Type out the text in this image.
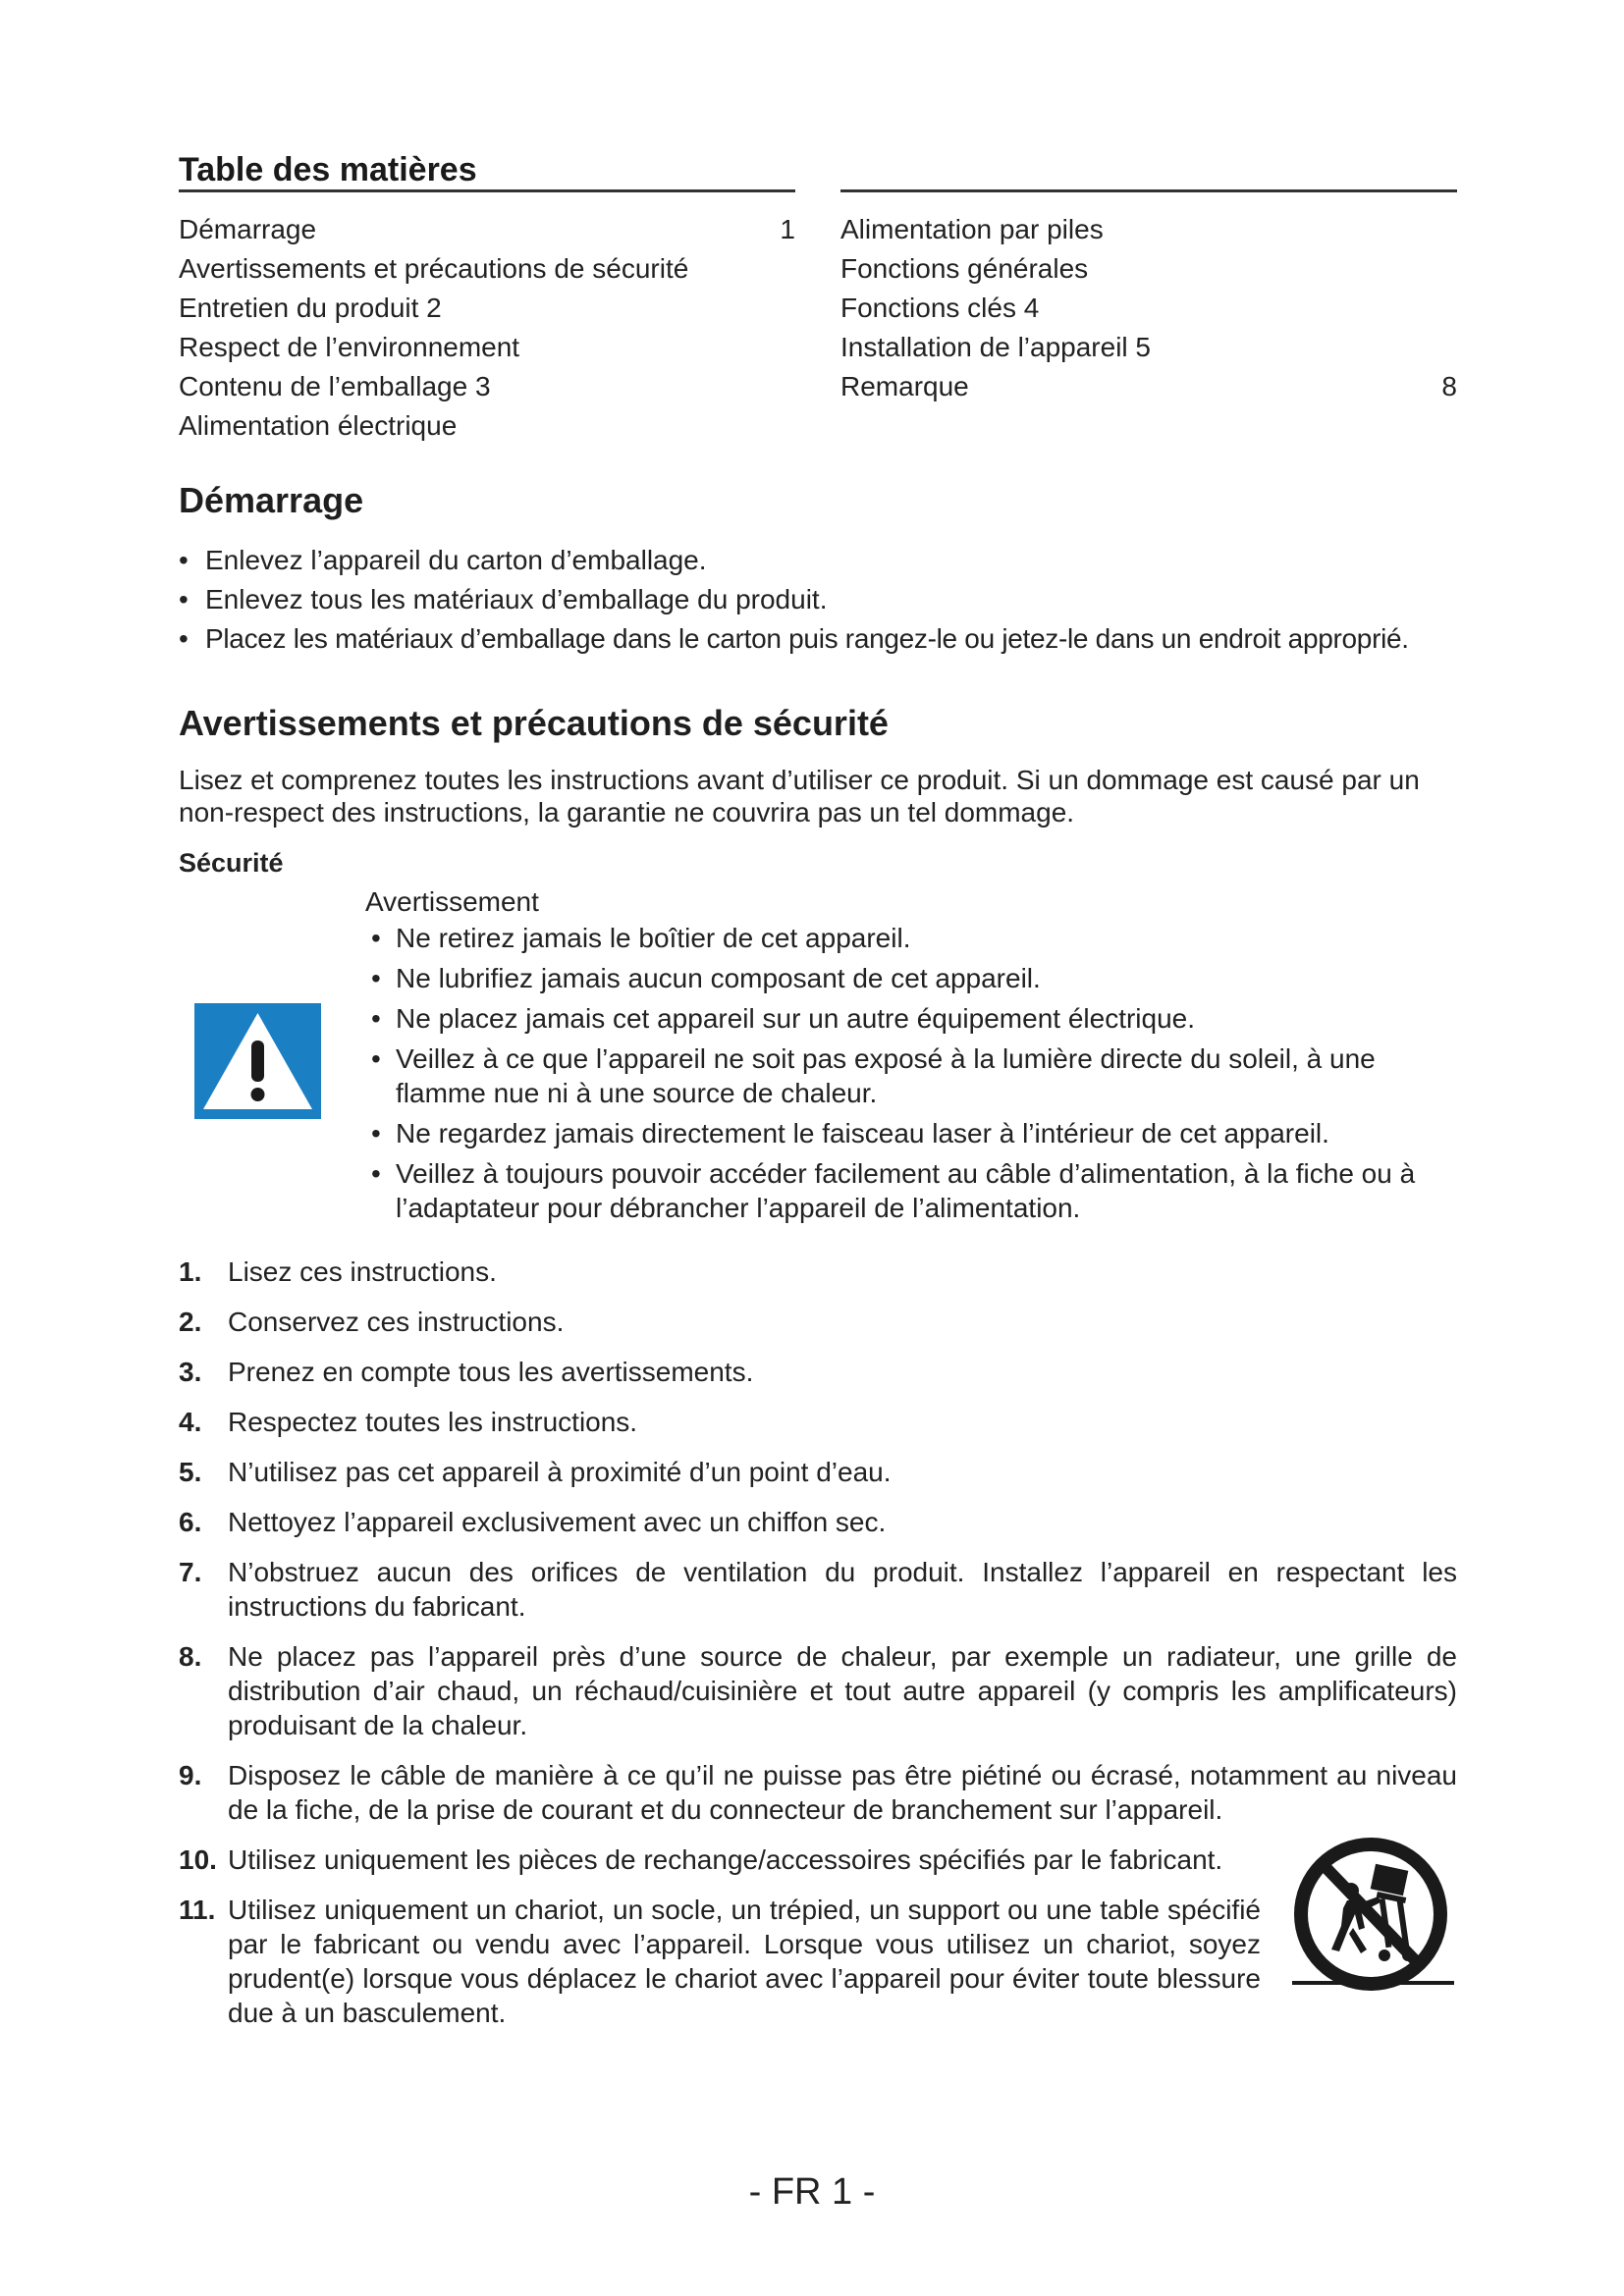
Table des matières
Démarrage	1
Avertissements et précautions de sécurité
Entretien du produit 2
Respect de l’environnement
Contenu de l’emballage 3
Alimentation électrique
Alimentation par piles
Fonctions générales
Fonctions clés 4
Installation de l’appareil 5
Remarque	8
Démarrage
• Enlevez l’appareil du carton d’emballage.
• Enlevez tous les matériaux d’emballage du produit.
• Placez les matériaux d’emballage dans le carton puis rangez-le ou jetez-le dans un endroit approprié.
Avertissements et précautions de sécurité

Lisez et comprenez toutes les instructions avant d’utiliser ce produit. Si un dommage est causé par un non-respect des instructions, la garantie ne couvrira pas un tel dommage.

Sécurité

Avertissement

• Ne retirez jamais le boîtier de cet appareil.
• Ne lubrifiez jamais aucun composant de cet appareil.
• Ne placez jamais cet appareil sur un autre équipement électrique.
• Veillez à ce que l’appareil ne soit pas exposé à la lumière directe du soleil, à une flamme nue ni à une source de chaleur.
• Ne regardez jamais directement le faisceau laser à l’intérieur de cet appareil.
• Veillez à toujours pouvoir accéder facilement au câble d’alimentation, à la fiche ou à l’adaptateur pour débrancher l’appareil de l’alimentation.
1. Lisez ces instructions.
2. Conservez ces instructions.
3. Prenez en compte tous les avertissements.
4. Respectez toutes les instructions.
5. N’utilisez pas cet appareil à proximité d’un point d’eau.
6. Nettoyez l’appareil exclusivement avec un chiffon sec.
7. N’obstruez aucun des orifices de ventilation du produit. Installez l’appareil en respectant les instructions du fabricant.
8. Ne placez pas l’appareil près d’une source de chaleur, par exemple un radiateur, une grille de distribution d’air chaud, un réchaud/cuisinière et tout autre appareil (y compris les amplificateurs) produisant de la chaleur.
9. Disposez le câble de manière à ce qu’il ne puisse pas être piétiné ou écrasé, notamment au niveau de la fiche, de la prise de courant et du connecteur de branchement sur l’appareil.
10. Utilisez uniquement les pièces de rechange/accessoires spécifiés par le fabricant.
11. Utilisez uniquement un chariot, un socle, un trépied, un support ou une table spécifié par le fabricant ou vendu avec l’appareil. Lorsque vous utilisez un chariot, soyez prudent(e) lorsque vous déplacez le chariot avec l’appareil pour éviter toute blessure due à un basculement.
- FR 1 -
